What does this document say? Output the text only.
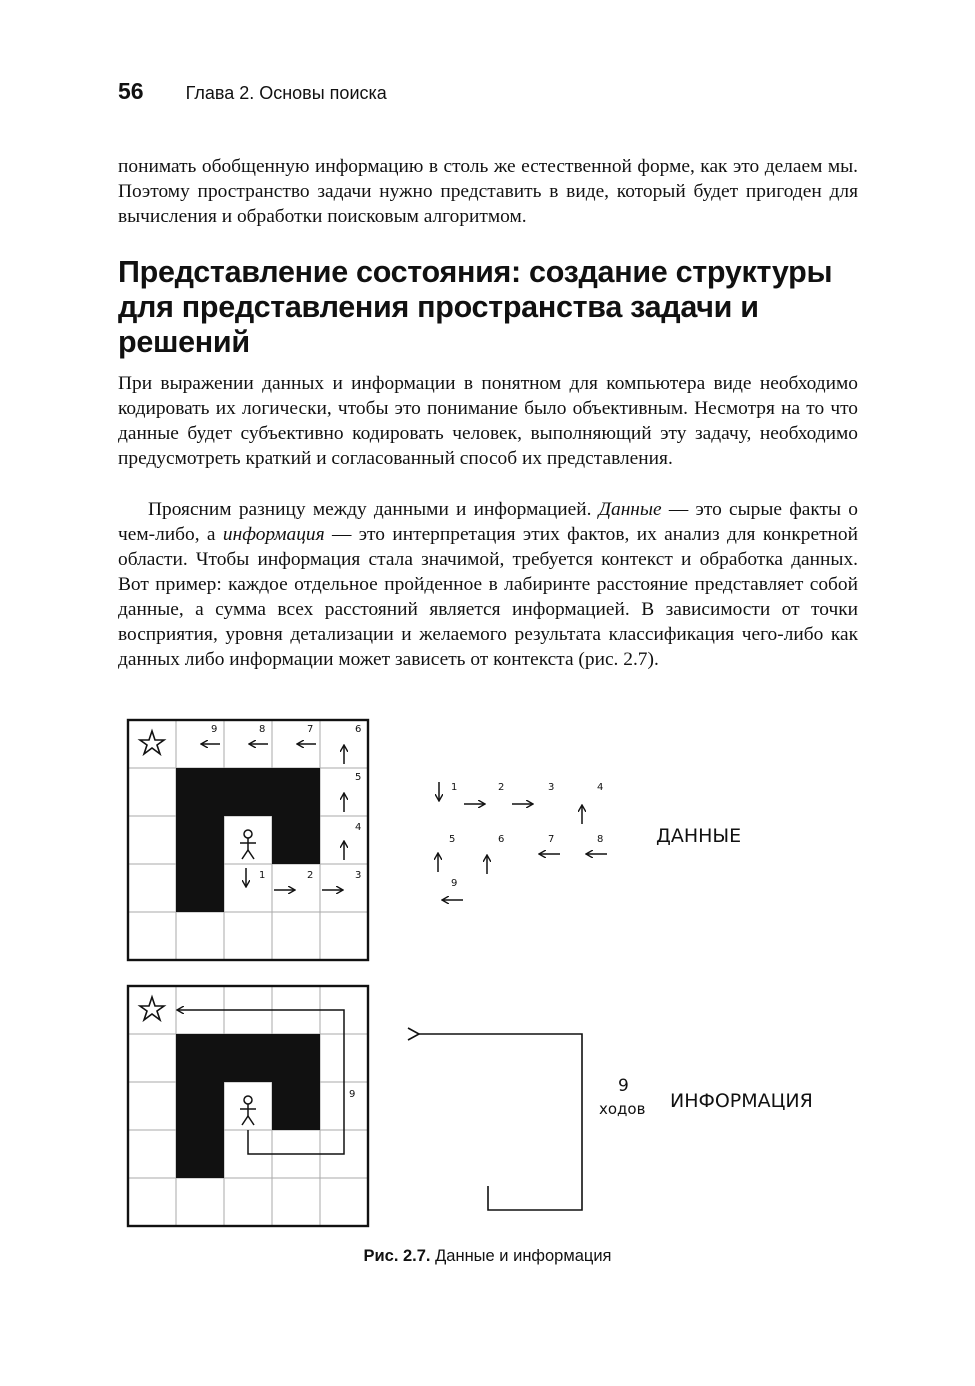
56 Глава 2. Основы поиска
понимать обобщенную информацию в столь же естественной форме, как это делаем мы. Поэтому пространство задачи нужно представить в виде, который будет пригоден для вычисления и обработки поисковым алгоритмом.
Представление состояния: создание структуры для представления пространства задачи и решений
При выражении данных и информации в понятном для компьютера виде необходимо кодировать их логически, чтобы это понимание было объективным. Несмотря на то что данные будет субъективно кодировать человек, выполняющий эту задачу, необходимо предусмотреть краткий и согласованный способ их представления.
Проясним разницу между данными и информацией. Данные — это сырые факты о чем-либо, а информация — это интерпретация этих фактов, их анализ для конкретной области. Чтобы информация стала значимой, требуется контекст и обработка данных. Вот пример: каждое отдельное пройденное в лабиринте расстояние представляет собой данные, а сумма всех расстояний является информацией. В зависимости от точки восприятия, уровня детализации и желаемого результата классификация чего-либо как данных либо информации может зависеть от контекста (рис. 2.7).
1	2	3
4
5
6
7
8
9
1	2	3	4
5	6	7	8
9
ДАННЫЕ
9	9
ходов ИНФОРМАЦИЯ
Рис. 2.7. Данные и информация
